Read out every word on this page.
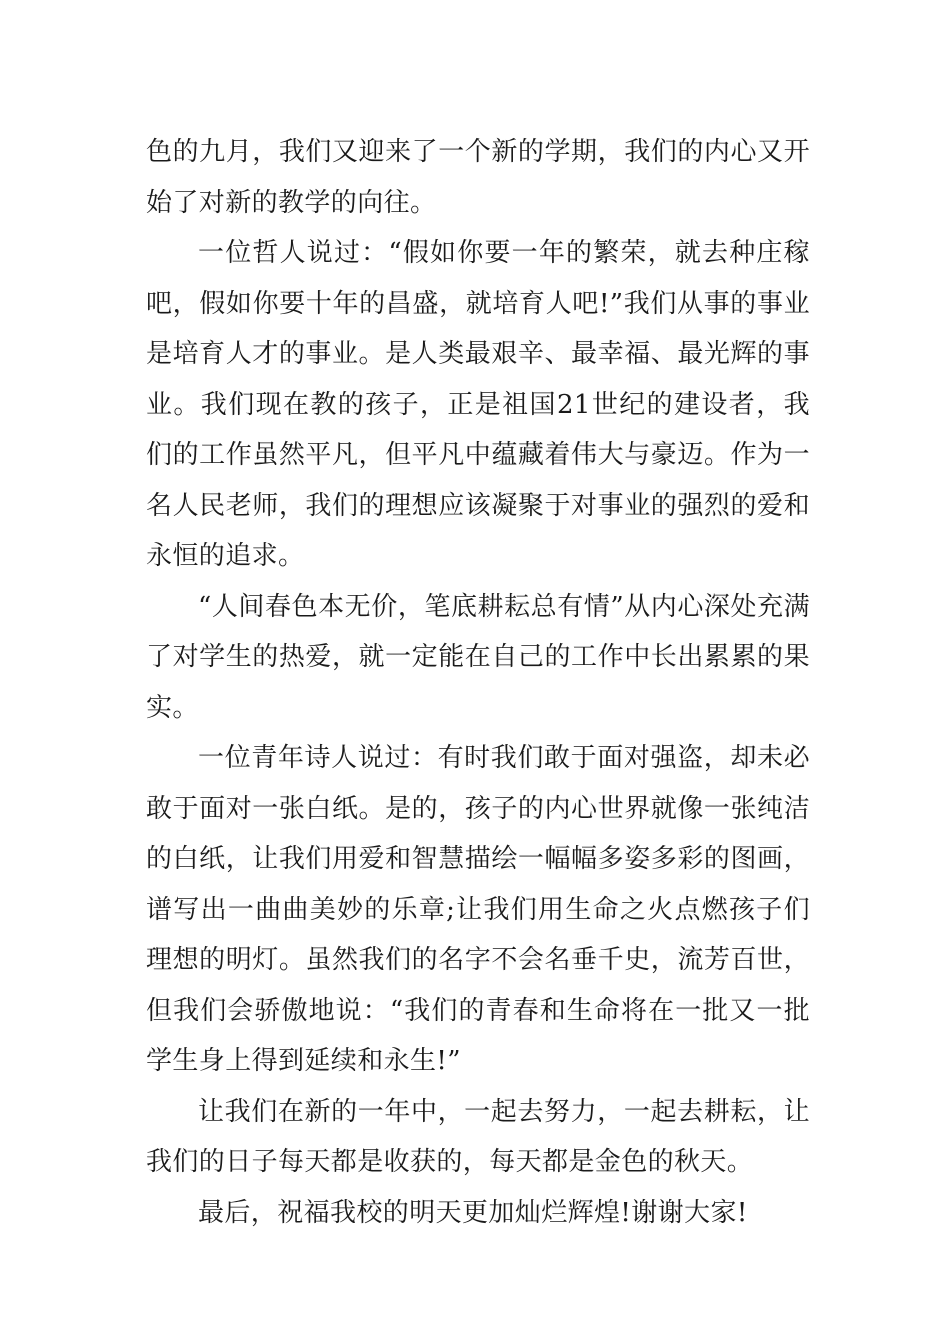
色的九月，我们又迎来了一个新的学期，我们的内心又开始了对新的教学的向往。

一位哲人说过：“假如你要一年的繁荣，就去种庄稼吧，假如你要十年的昌盛，就培育人吧!”我们从事的事业是培育人才的事业。是人类最艰辛、最幸福、最光辉的事业。我们现在教的孩子，正是祖国21世纪的建设者，我们的工作虽然平凡，但平凡中蕴藏着伟大与豪迈。作为一名人民老师，我们的理想应该凝聚于对事业的强烈的爱和永恒的追求。

“人间春色本无价，笔底耕耘总有情”从内心深处充满了对学生的热爱，就一定能在自己的工作中长出累累的果实。

一位青年诗人说过：有时我们敢于面对强盗，却未必敢于面对一张白纸。是的，孩子的内心世界就像一张纯洁的白纸，让我们用爱和智慧描绘一幅幅多姿多彩的图画，谱写出一曲曲美妙的乐章;让我们用生命之火点燃孩子们理想的明灯。虽然我们的名字不会名垂千史，流芳百世，但我们会骄傲地说：“我们的青春和生命将在一批又一批学生身上得到延续和永生!”

让我们在新的一年中，一起去努力，一起去耕耘，让我们的日子每天都是收获的，每天都是金色的秋天。

最后，祝福我校的明天更加灿烂辉煌!谢谢大家!
